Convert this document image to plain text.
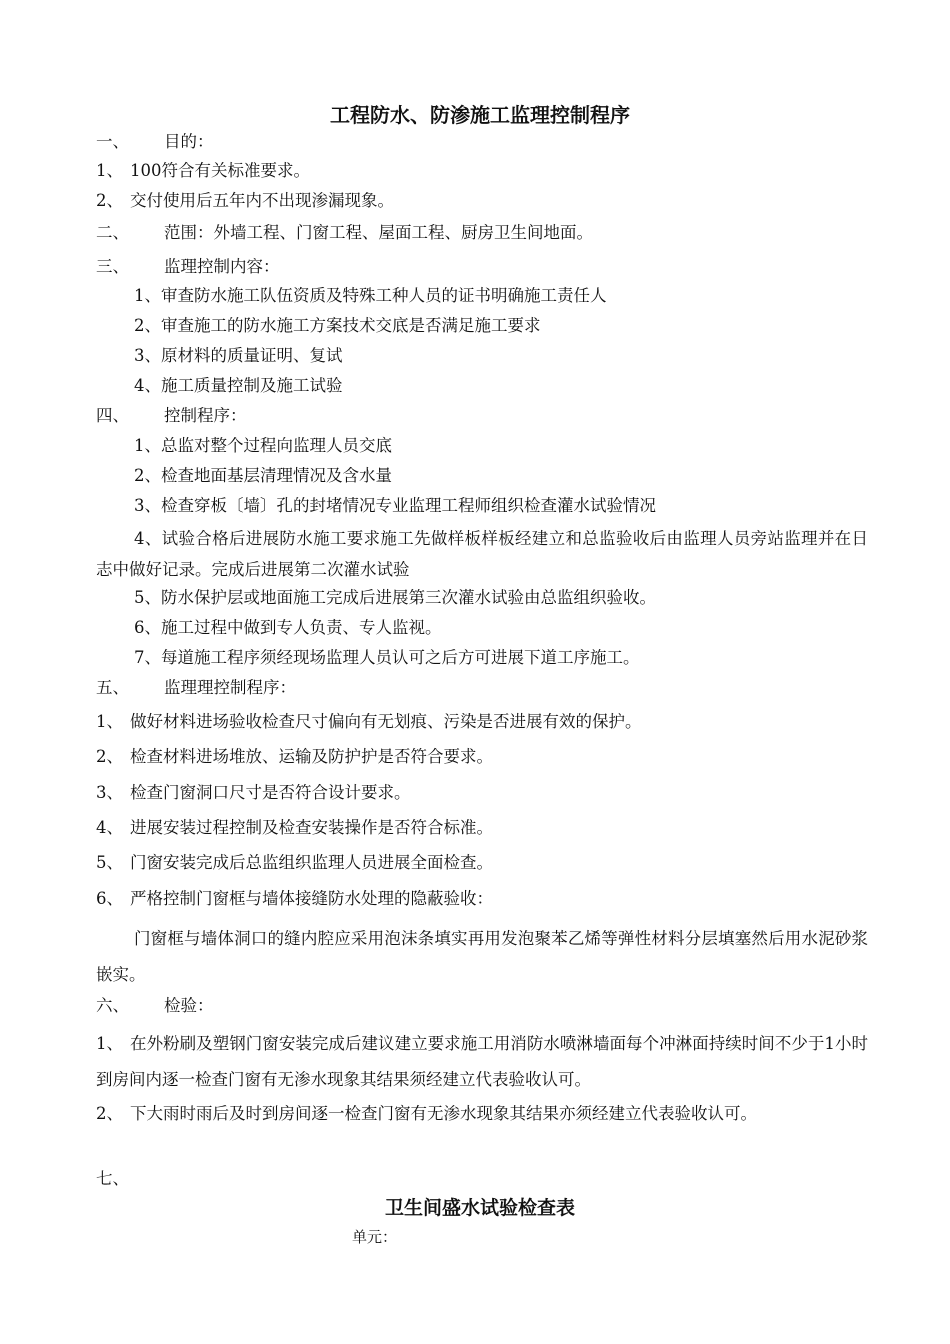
工程防水、防渗施工监理控制程序
一、 目的：
1、 100符合有关标准要求。
2、 交付使用后五年内不出现渗漏现象。
二、 范围：外墙工程、门窗工程、屋面工程、厨房卫生间地面。
三、 监理控制内容：
1、审查防水施工队伍资质及特殊工种人员的证书明确施工责任人
2、审查施工的防水施工方案技术交底是否满足施工要求
3、原材料的质量证明、复试
4、施工质量控制及施工试验
四、 控制程序：
1、总监对整个过程向监理人员交底
2、检查地面基层清理情况及含水量
3、检查穿板〔墙〕孔的封堵情况专业监理工程师组织检查灌水试验情况
4、试验合格后进展防水施工要求施工先做样板样板经建立和总监验收后由监理人员旁站监理并在日志中做好记录。完成后进展第二次灌水试验
5、防水保护层或地面施工完成后进展第三次灌水试验由总监组织验收。
6、施工过程中做到专人负责、专人监视。
7、每道施工程序须经现场监理人员认可之后方可进展下道工序施工。
五、 监理理控制程序：
1、 做好材料进场验收检查尺寸偏向有无划痕、污染是否进展有效的保护。
2、 检查材料进场堆放、运输及防护护是否符合要求。
3、 检查门窗洞口尺寸是否符合设计要求。
4、 进展安装过程控制及检查安装操作是否符合标准。
5、 门窗安装完成后总监组织监理人员进展全面检查。
6、 严格控制门窗框与墙体接缝防水处理的隐蔽验收：
门窗框与墙体洞口的缝内腔应采用泡沫条填实再用发泡聚苯乙烯等弹性材料分层填塞然后用水泥砂浆嵌实。
六、 检验：
1、 在外粉刷及塑钢门窗安装完成后建议建立要求施工用消防水喷淋墙面每个冲淋面持续时间不少于1小时到房间内逐一检查门窗有无渗水现象其结果须经建立代表验收认可。
2、 下大雨时雨后及时到房间逐一检查门窗有无渗水现象其结果亦须经建立代表验收认可。
七、
卫生间盛水试验检查表
单元：
